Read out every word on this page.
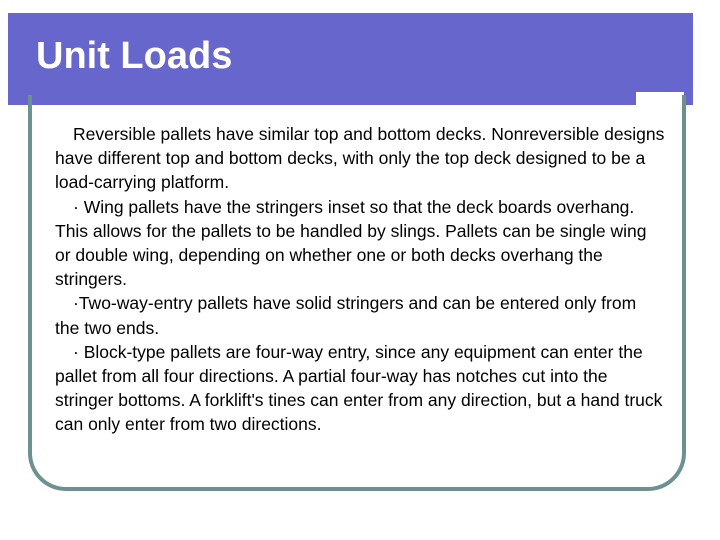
Unit Loads

Reversible pallets have similar top and bottom decks. Nonreversible designs have different top and bottom decks, with only the top deck designed to be a load-carrying platform.

· Wing pallets have the stringers inset so that the deck boards overhang. This allows for the pallets to be handled by slings. Pallets can be single wing or double wing, depending on whether one or both decks overhang the stringers.

·Two-way-entry pallets have solid stringers and can be entered only from the two ends.

· Block-type pallets are four-way entry, since any equipment can enter the pallet from all four directions. A partial four-way has notches cut into the stringer bottoms. A forklift's tines can enter from any direction, but a hand truck can only enter from two directions.
